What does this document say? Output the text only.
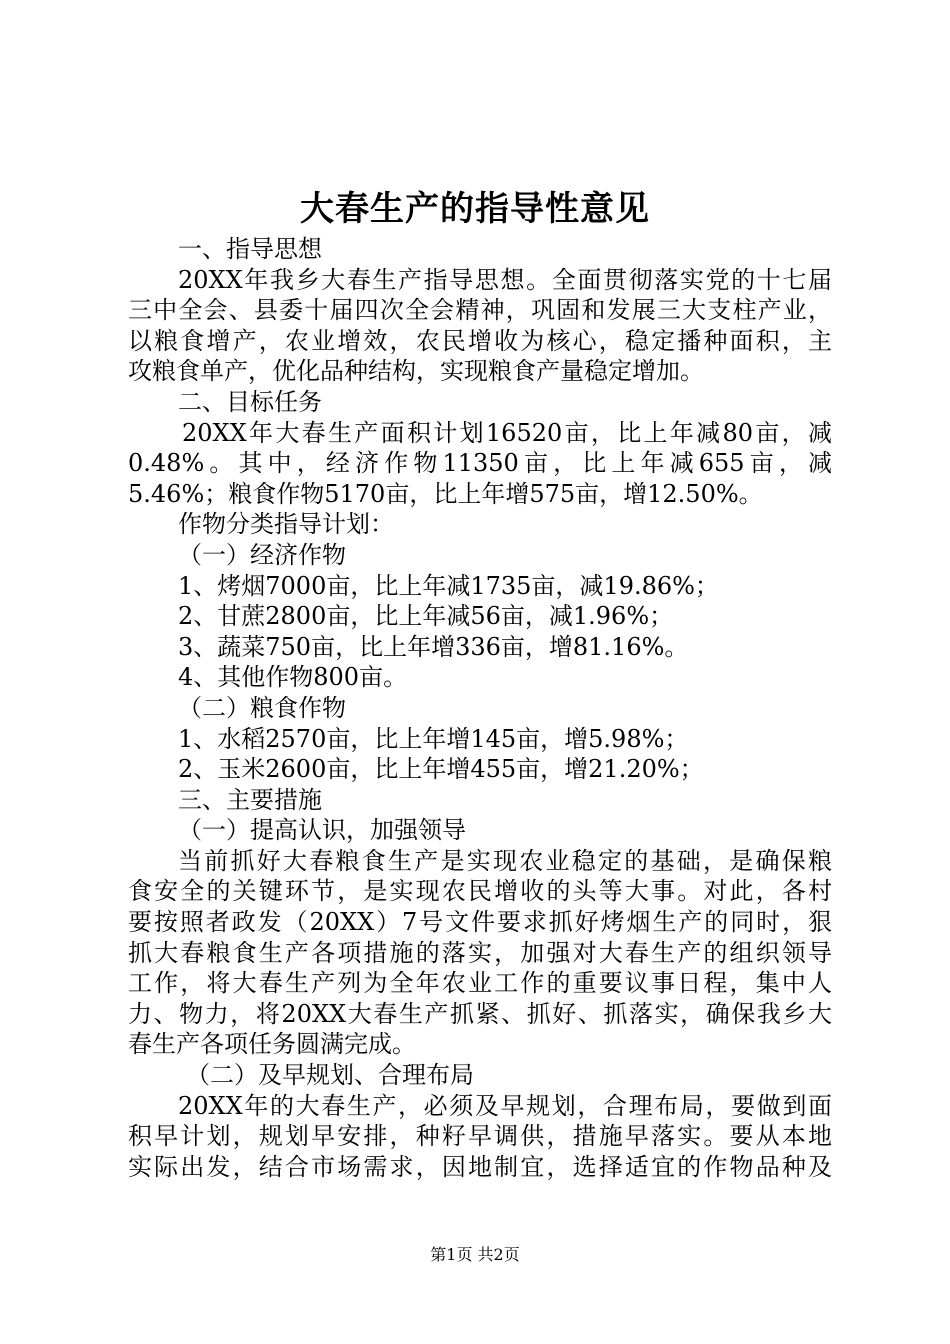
大春生产的指导性意见
一、指导思想
20XX年我乡大春生产指导思想。全面贯彻落实党的十七届
三中全会、县委十届四次全会精神，巩固和发展三大支柱产业，
以粮食增产，农业增效，农民增收为核心，稳定播种面积，主
攻粮食单产，优化品种结构，实现粮食产量稳定增加。
二、目标任务
20XX年大春生产面积计划16520亩，比上年减80亩，减
0.48%。其中，经济作物11350亩，比上年减655亩，减
5.46%；粮食作物5170亩，比上年增575亩，增12.50%。
作物分类指导计划：
（一）经济作物
1、烤烟7000亩，比上年减1735亩，减19.86%；
2、甘蔗2800亩，比上年减56亩，减1.96%；
3、蔬菜750亩，比上年增336亩，增81.16%。
4、其他作物800亩。
（二）粮食作物
1、水稻2570亩，比上年增145亩，增5.98%；
2、玉米2600亩，比上年增455亩，增21.20%；
三、主要措施
（一）提高认识，加强领导
当前抓好大春粮食生产是实现农业稳定的基础，是确保粮
食安全的关键环节，是实现农民增收的头等大事。对此，各村
要按照者政发（20XX）7号文件要求抓好烤烟生产的同时，狠
抓大春粮食生产各项措施的落实，加强对大春生产的组织领导
工作，将大春生产列为全年农业工作的重要议事日程，集中人
力、物力，将20XX大春生产抓紧、抓好、抓落实，确保我乡大
春生产各项任务圆满完成。
（二）及早规划、合理布局
20XX年的大春生产，必须及早规划，合理布局，要做到面
积早计划，规划早安排，种籽早调供，措施早落实。要从本地
实际出发，结合市场需求，因地制宜，选择适宜的作物品种及
第1页 共2页
